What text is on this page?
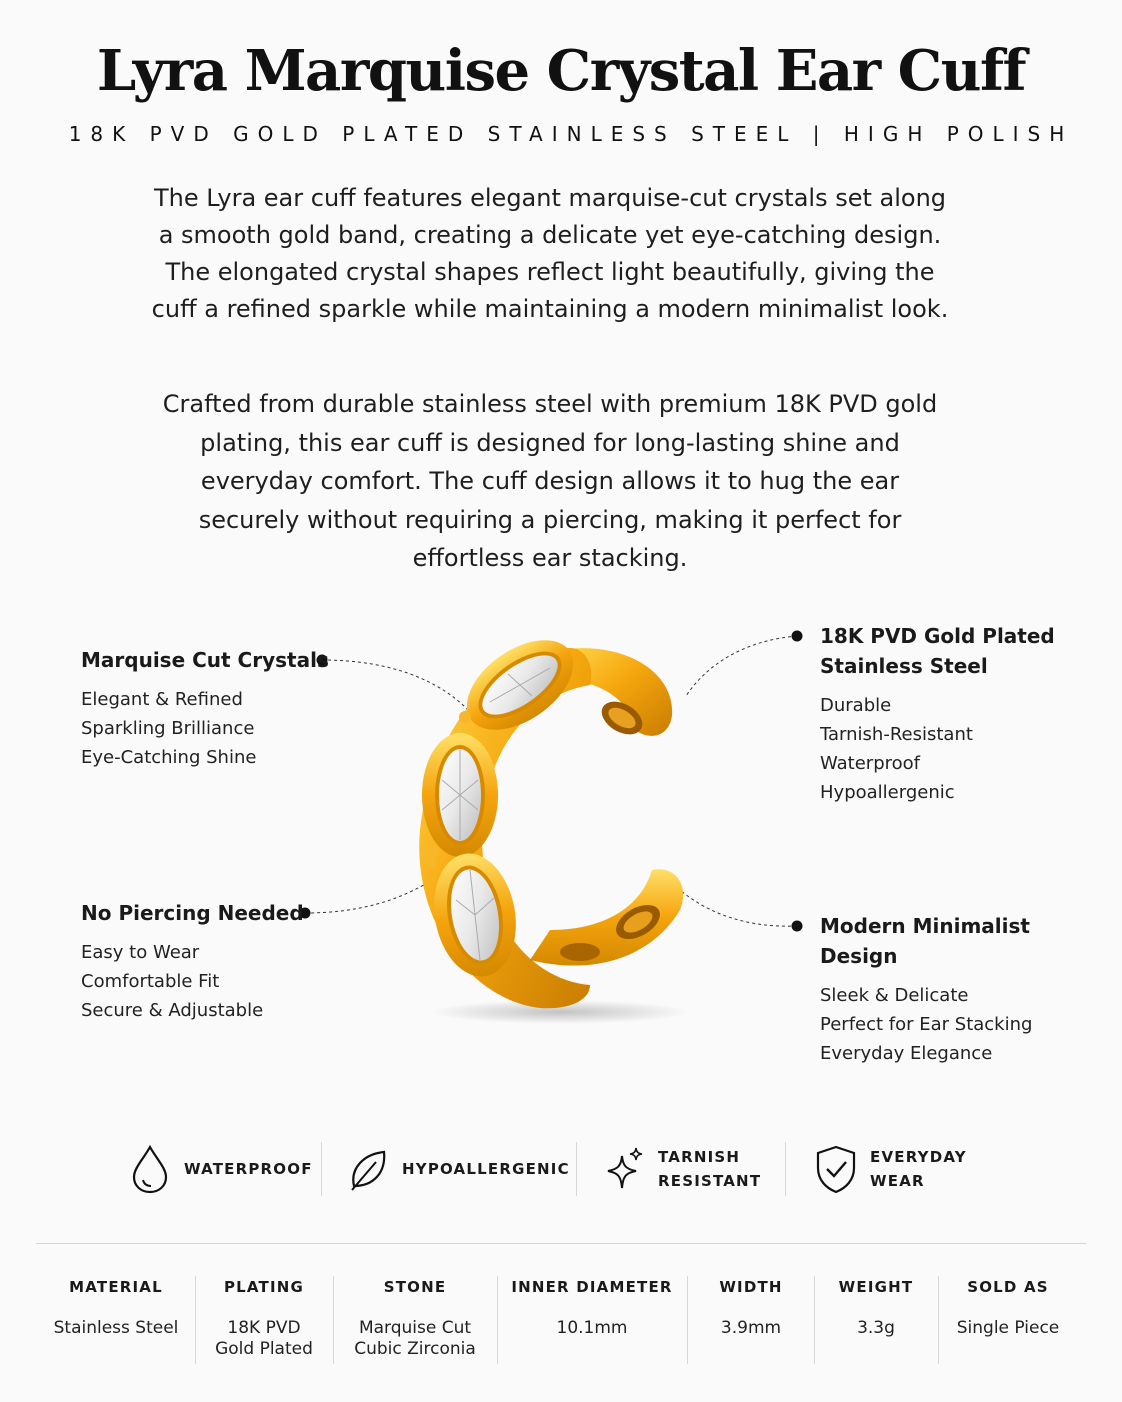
Lyra Marquise Crystal Ear Cuff
18K PVD GOLD PLATED STAINLESS STEEL | HIGH POLISH

The Lyra ear cuff features elegant marquise-cut crystals set along a smooth gold band, creating a delicate yet eye-catching design. The elongated crystal shapes reflect light beautifully, giving the cuff a refined sparkle while maintaining a modern minimalist look.

Crafted from durable stainless steel with premium 18K PVD gold plating, this ear cuff is designed for long-lasting shine and everyday comfort. The cuff design allows it to hug the ear securely without requiring a piercing, making it perfect for effortless ear stacking.

Marquise Cut Crystals
Elegant & Refined
Sparkling Brilliance
Eye-Catching Shine
18K PVD Gold Plated
Stainless Steel
Durable
Tarnish-Resistant
Waterproof
Hypoallergenic
No Piercing Needed
Easy to Wear
Comfortable Fit
Secure & Adjustable
Modern Minimalist
Design
Sleek & Delicate
Perfect for Ear Stacking
Everyday Elegance
WATERPROOF	HYPOALLERGENIC
TARNISH
RESISTANT
EVERYDAY
WEAR
MATERIAL
Stainless Steel
PLATING
18K PVD
Gold Plated
STONE
Marquise Cut
Cubic Zirconia
INNER DIAMETER
10.1mm
WIDTH
3.9mm
WEIGHT
3.3g
SOLD AS
Single Piece
